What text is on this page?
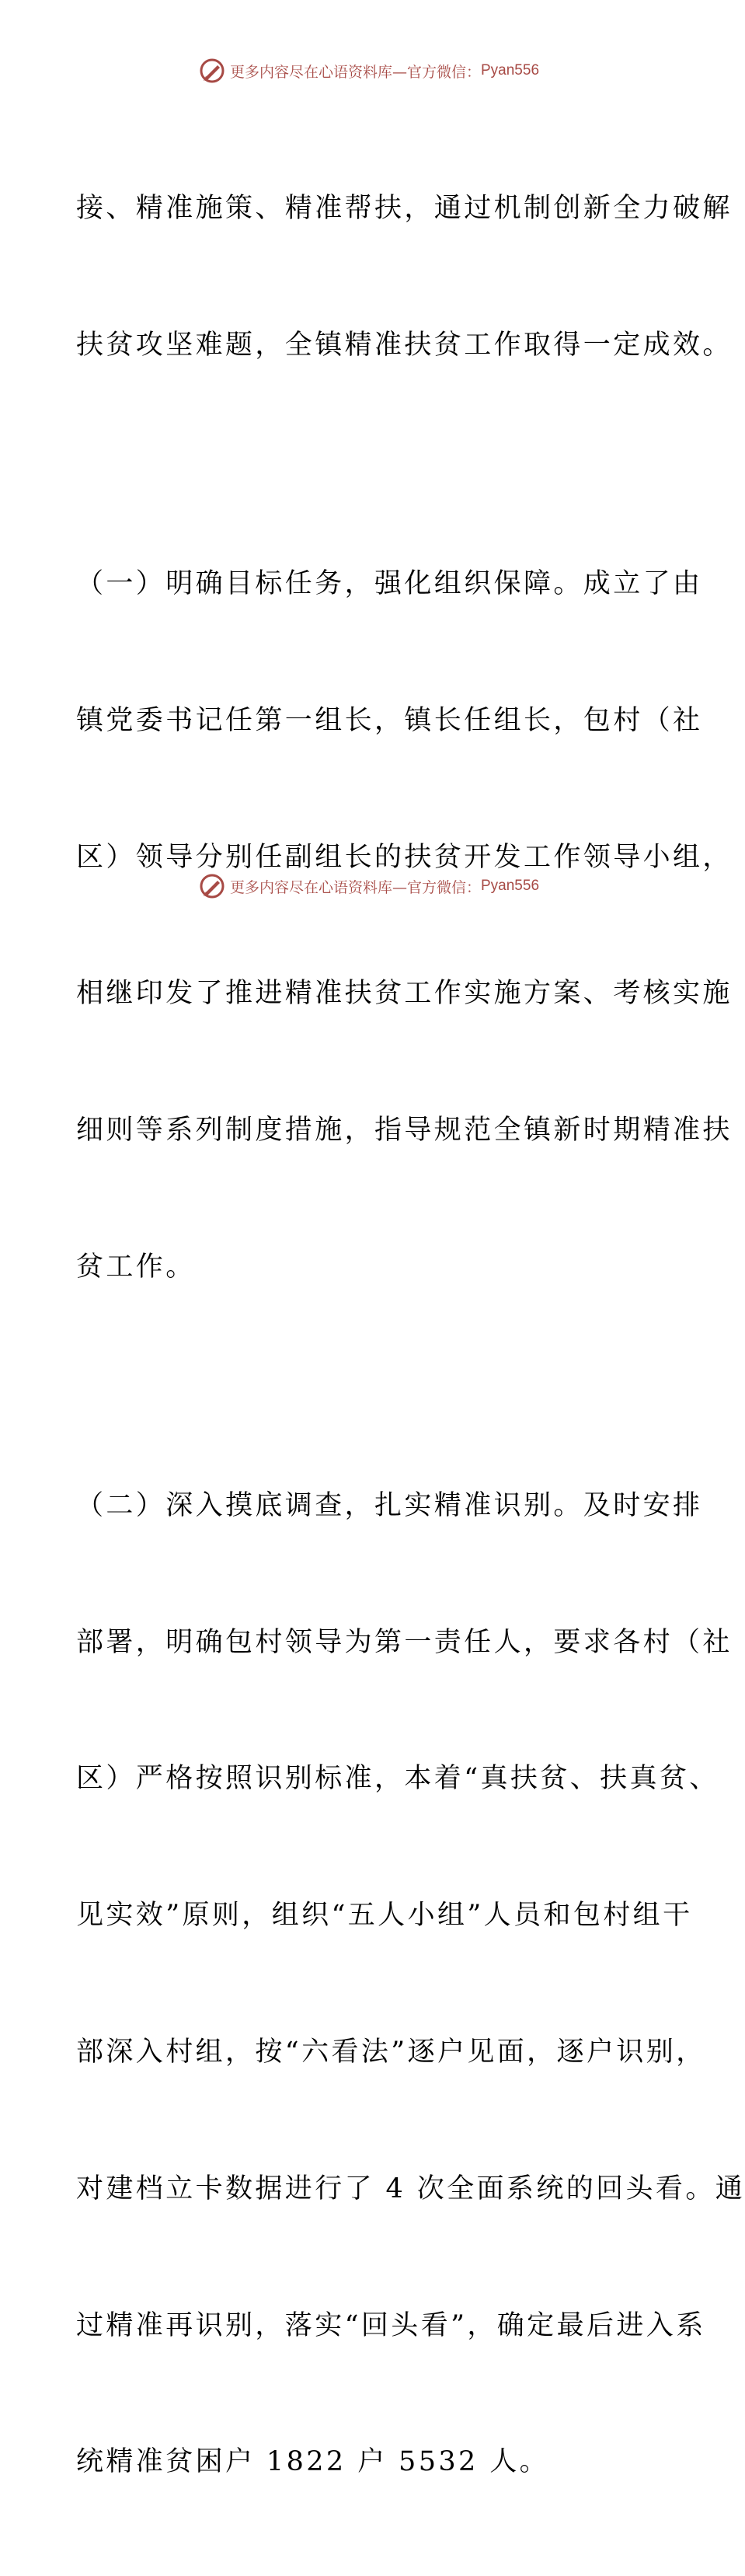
更多内容尽在心语资料库—官方微信： Pyan556

接、精准施策、精准帮扶，通过机制创新全力破解

扶贫攻坚难题，全镇精准扶贫工作取得一定成效。

（一）明确目标任务，强化组织保障。成立了由

镇党委书记任第一组长，镇长任组长，包村（社

区）领导分别任副组长的扶贫开发工作领导小组，

相继印发了推进精准扶贫工作实施方案、考核实施

细则等系列制度措施，指导规范全镇新时期精准扶

贫工作。

（二）深入摸底调查，扎实精准识别。及时安排

部署，明确包村领导为第一责任人，要求各村（社

区）严格按照识别标准，本着“真扶贫、扶真贫、

见实效”原则，组织“五人小组”人员和包村组干

部深入村组，按“六看法”逐户见面，逐户识别，

对建档立卡数据进行了 4 次全面系统的回头看。通

过精准再识别，落实“回头看”，确定最后进入系

统精准贫困户 1822 户 5532 人。

更多内容尽在心语资料库—官方微信： Pyan556
